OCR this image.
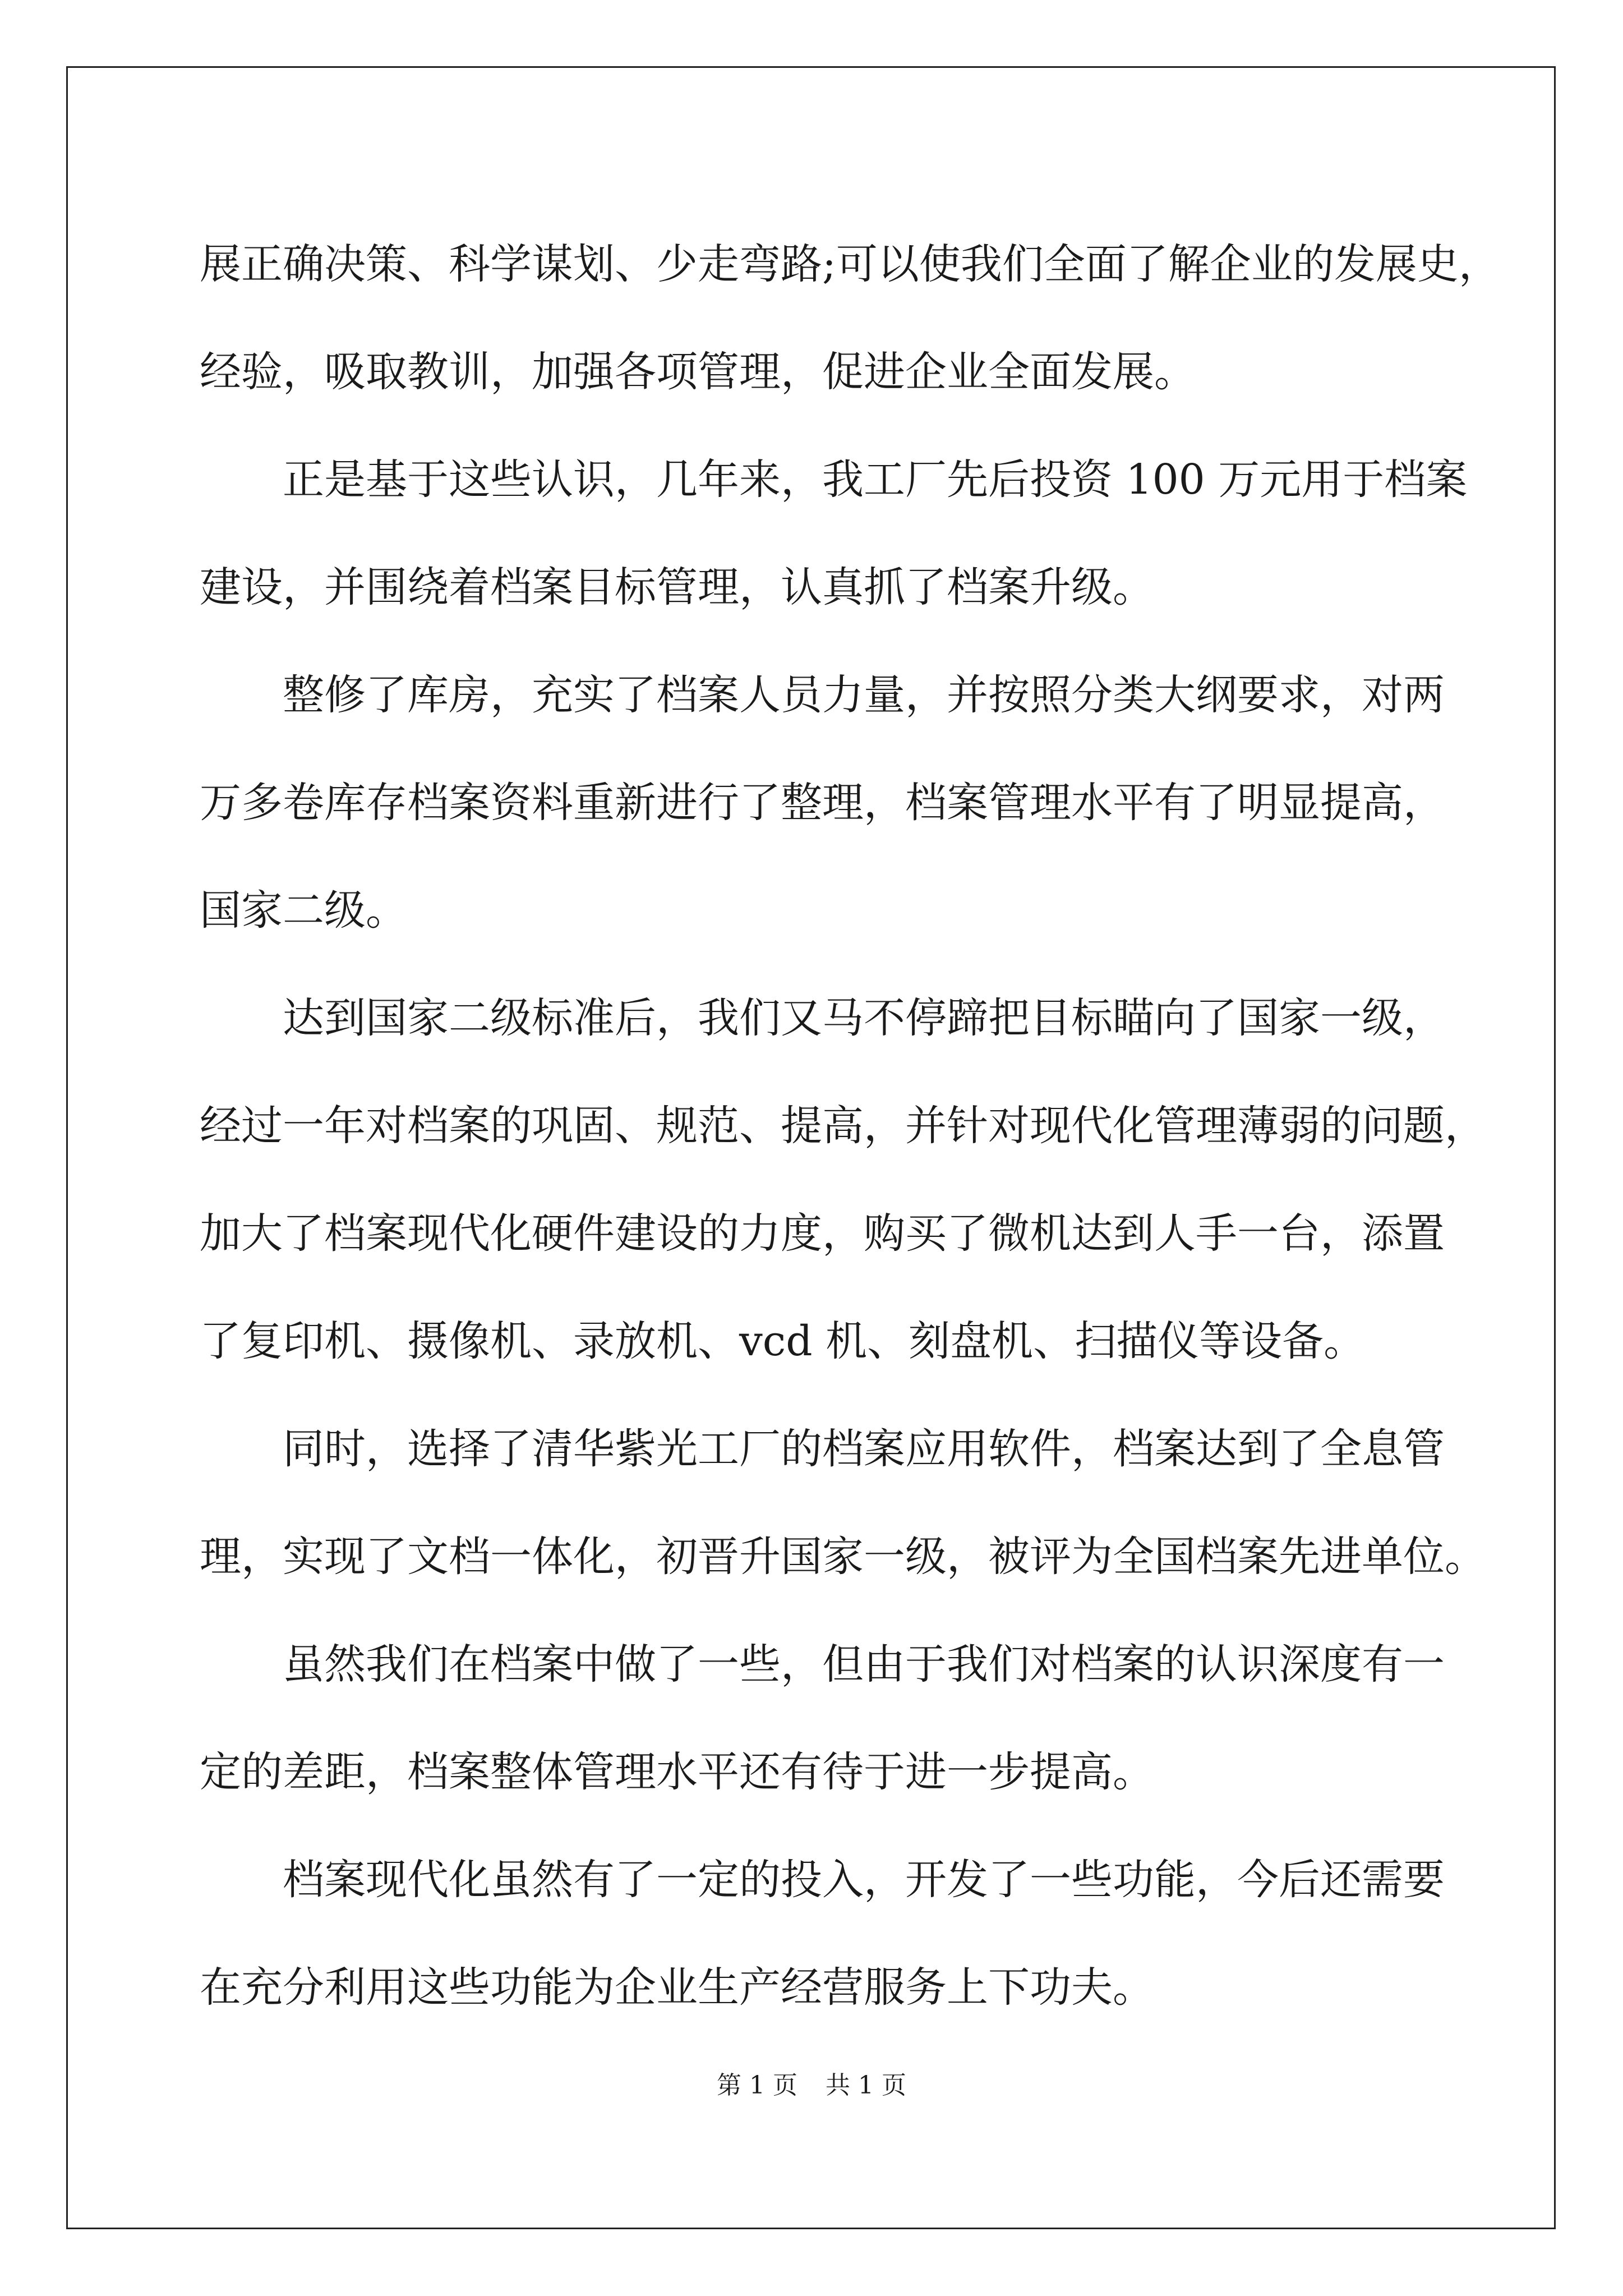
展正确决策、科学谋划、少走弯路;可以使我们全面了解企业的发展史，
经验，吸取教训，加强各项管理，促进企业全面发展。
正是基于这些认识，几年来，我工厂先后投资 100 万元用于档案
建设，并围绕着档案目标管理，认真抓了档案升级。
整修了库房，充实了档案人员力量，并按照分类大纲要求，对两
万多卷库存档案资料重新进行了整理，档案管理水平有了明显提高，
国家二级。
达到国家二级标准后，我们又马不停蹄把目标瞄向了国家一级，
经过一年对档案的巩固、规范、提高，并针对现代化管理薄弱的问题，
加大了档案现代化硬件建设的力度，购买了微机达到人手一台，添置
了复印机、摄像机、录放机、vcd 机、刻盘机、扫描仪等设备。
同时，选择了清华紫光工厂的档案应用软件，档案达到了全息管
理，实现了文档一体化，初晋升国家一级，被评为全国档案先进单位。
虽然我们在档案中做了一些，但由于我们对档案的认识深度有一
定的差距，档案整体管理水平还有待于进一步提高。
档案现代化虽然有了一定的投入，开发了一些功能，今后还需要
在充分利用这些功能为企业生产经营服务上下功夫。
第 1 页 共 1 页
